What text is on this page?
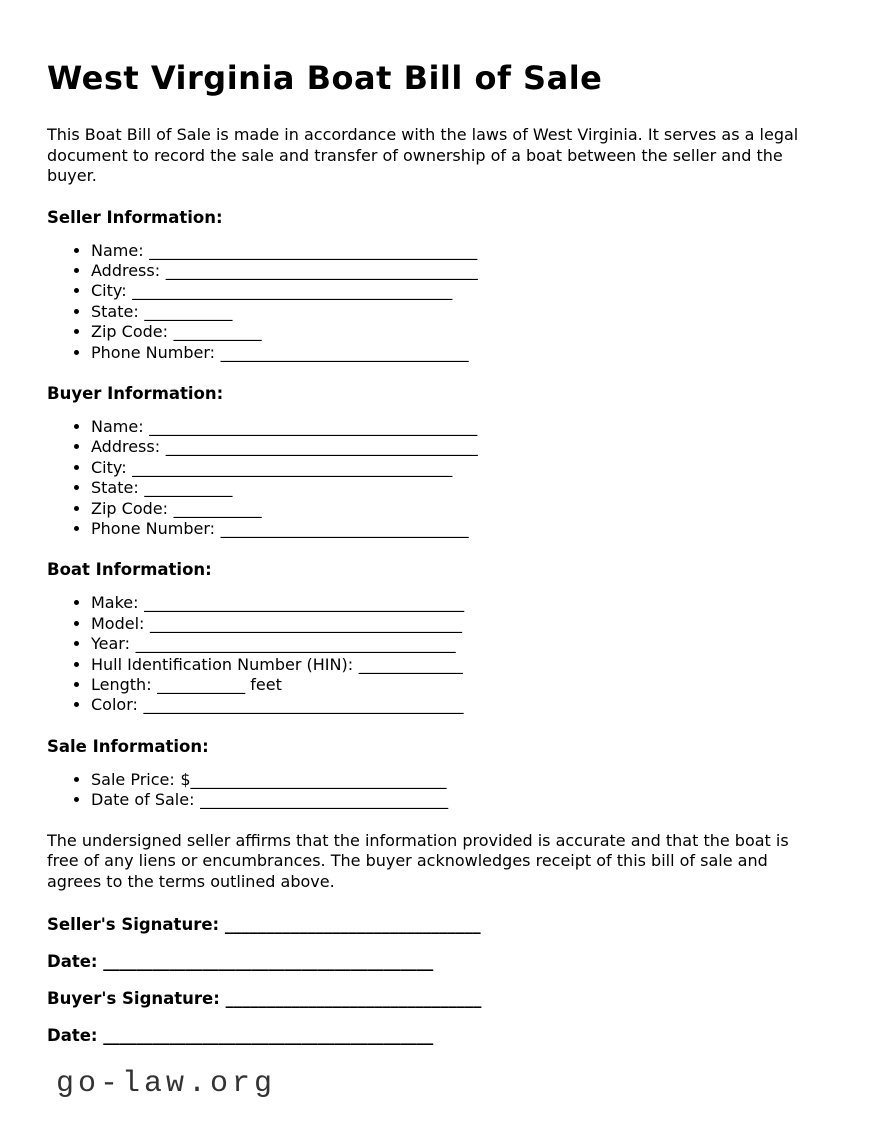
West Virginia Boat Bill of Sale

This Boat Bill of Sale is made in accordance with the laws of West Virginia. It serves as a legal document to record the sale and transfer of ownership of a boat between the seller and the buyer.

Seller Information:
• Name: _________________________________________
• Address: _______________________________________
• City: ________________________________________
• State: ___________
• Zip Code: ___________
• Phone Number: _______________________________
Buyer Information:
• Name: _________________________________________
• Address: _______________________________________
• City: ________________________________________
• State: ___________
• Zip Code: ___________
• Phone Number: _______________________________
Boat Information:
• Make: ________________________________________
• Model: _______________________________________
• Year: ________________________________________
• Hull Identification Number (HIN): _____________
• Length: ___________ feet
• Color: ________________________________________
Sale Information:
• Sale Price: $________________________________
• Date of Sale: _______________________________

The undersigned seller affirms that the information provided is accurate and that the boat is free of any liens or encumbrances. The buyer acknowledges receipt of this bill of sale and agrees to the terms outlined above.

Seller's Signature: _______________________________

Date: ________________________________________

Buyer's Signature: _______________________________

Date: ________________________________________

go-law.org
